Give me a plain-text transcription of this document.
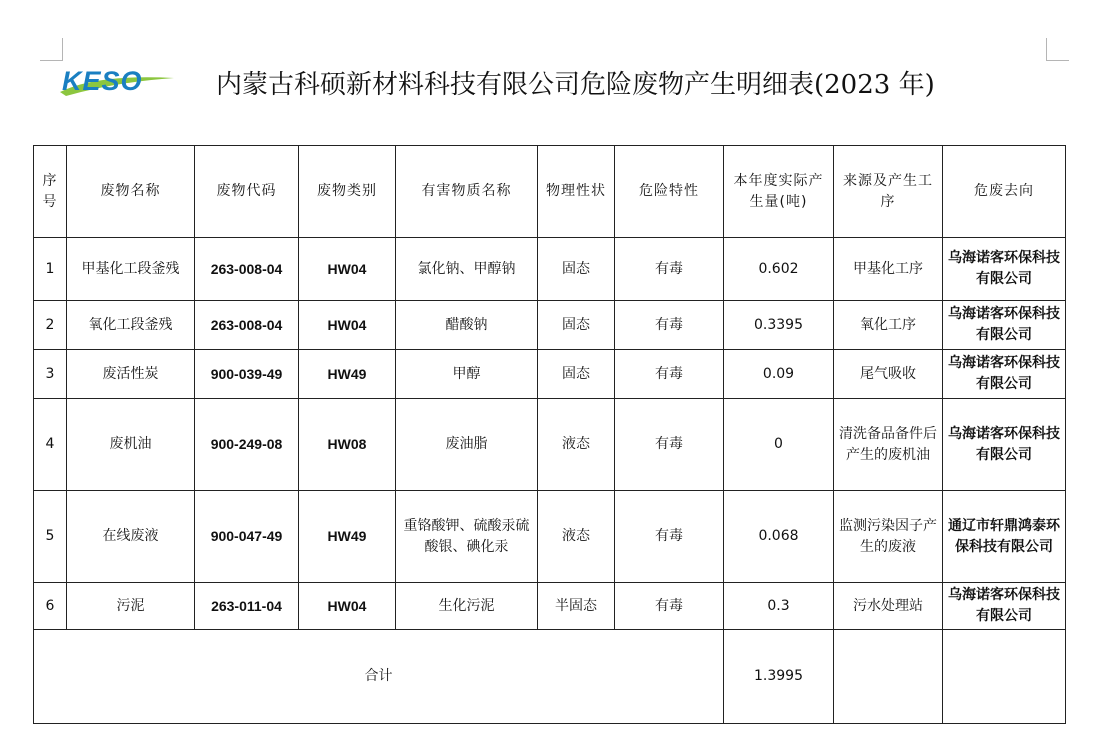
KESO	内蒙古科硕新材料科技有限公司危险废物产生明细表(2023 年)
序号	废物名称	废物代码	废物类别	有害物质名称	物理性状	危险特性	本年度实际产生量(吨)	来源及产生工序	危废去向
1	甲基化工段釜残	263-008-04	HW04	氯化钠、甲醇钠	固态	有毒	0.602	甲基化工序	乌海诺客环保科技有限公司
2	氧化工段釜残	263-008-04	HW04	醋酸钠	固态	有毒	0.3395	氧化工序	乌海诺客环保科技有限公司
3	废活性炭	900-039-49	HW49	甲醇	固态	有毒	0.09	尾气吸收	乌海诺客环保科技有限公司
4	废机油	900-249-08	HW08	废油脂	液态	有毒	0	清洗备品备件后产生的废机油	乌海诺客环保科技有限公司
5	在线废液	900-047-49	HW49	重铬酸钾、硫酸汞硫酸银、碘化汞	液态	有毒	0.068	监测污染因子产生的废液	通辽市轩鼎鸿泰环保科技有限公司
6	污泥	263-011-04	HW04	生化污泥	半固态	有毒	0.3	污水处理站	乌海诺客环保科技有限公司
合计							1.3995		
